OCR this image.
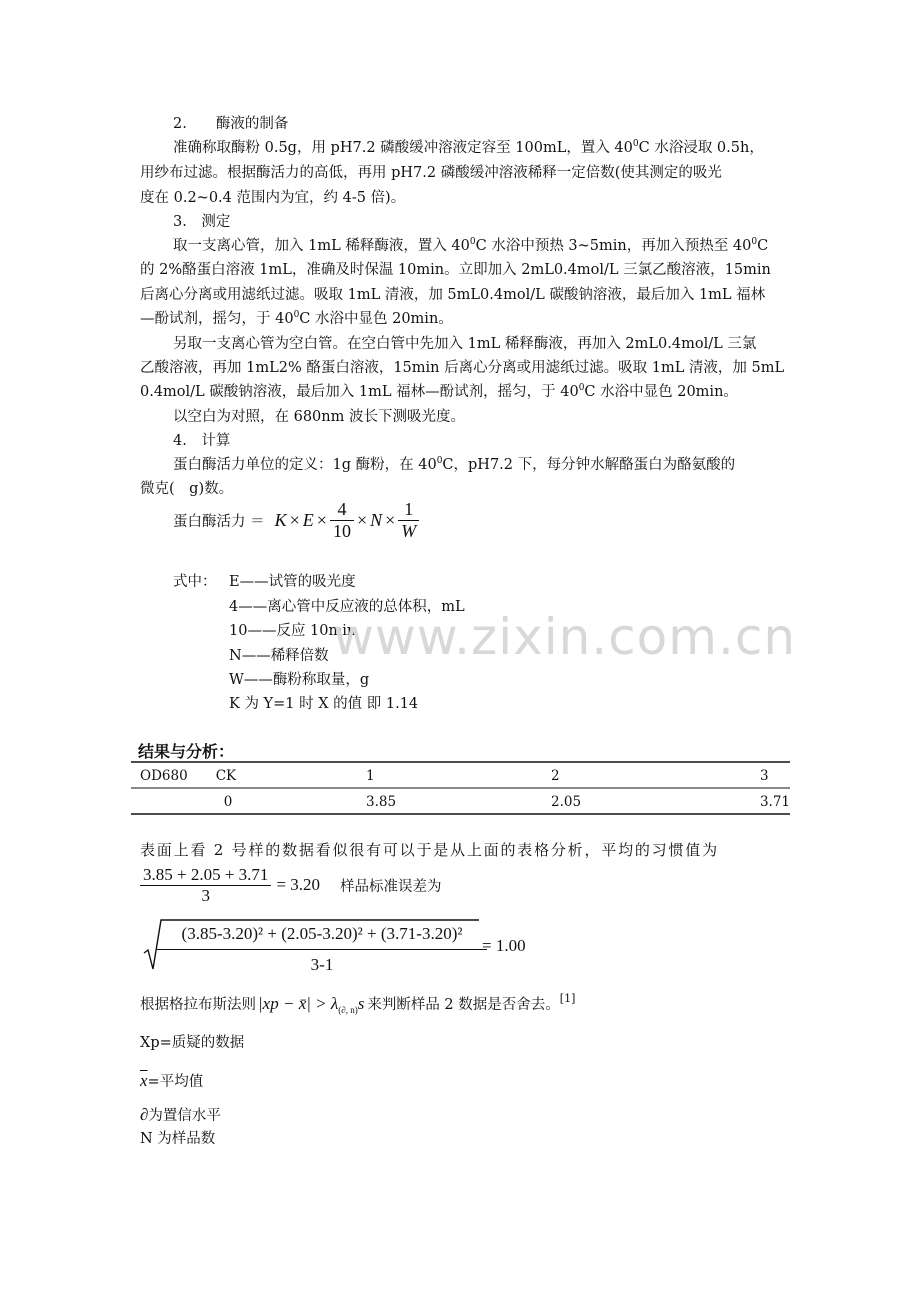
2.　　酶液的制备
准确称取酶粉 0.5g，用 pH7.2 磷酸缓冲溶液定容至 100mL，置入 $40^0C$ 水浴浸取 0.5h，
用纱布过滤。根据酶活力的高低，再用 pH7.2 磷酸缓冲溶液稀释一定倍数(使其测定的吸光
度在 0.2~0.4 范围内为宜，约 4-5 倍)。
3.　测定
取一支离心管，加入 1mL 稀释酶液，置入 $40^0C$ 水浴中预热 3~5min，再加入预热至 $40^0C$
的 2%酪蛋白溶液 1mL，准确及时保温 10min。立即加入 2mL0.4mol/L 三氯乙酸溶液，15min
后离心分离或用滤纸过滤。吸取 1mL 清液，加 5mL0.4mol/L 碳酸钠溶液，最后加入 1mL 福林
—酚试剂，摇匀，于 $40^0C$ 水浴中显色 20min。
另取一支离心管为空白管。在空白管中先加入 1mL 稀释酶液，再加入 2mL0.4mol/L 三氯
乙酸溶液，再加 1mL2% 酪蛋白溶液，15min 后离心分离或用滤纸过滤。吸取 1mL 清液，加 5mL
0.4mol/L 碳酸钠溶液，最后加入 1mL 福林—酚试剂，摇匀，于 $40^0C$ 水浴中显色 20min。
以空白为对照，在 680nm 波长下测吸光度。
4.　计算
蛋白酶活力单位的定义：1g 酶粉，在 $40^0C$，pH7.2 下，每分钟水解酪蛋白为酪氨酸的
微克(　g)数。
蛋白酶活力 ＝ $K \times E \times \frac{4}{10} \times N \times \frac{1}{W}$
式中： E——试管的吸光度
4——离心管中反应液的总体积，mL
10——反应 10min
N——稀释倍数
W——酶粉称取量，g
K 为 Y=1 时 X 的值 即 1.14
www.zixin.com.cn
结果与分析：
OD680	CK	1	2	3
	0	3.85	2.05	3.71
表面上看 2 号样的数据看似很有可以于是从上面的表格分析，平均的习惯值为
$\frac{3.85 + 2.05 + 3.71}{3} = 3.20$ 样品标准误差为
(3.85-3.20)² + (2.05-3.20)² + (3.71-3.20)²
3-1
= 1.00
根据格拉布斯法则 |xp − x̄| > λ (∂, n) s 来判断样品 2 数据是否舍去。 [1]
Xp=质疑的数据
$\overline{x}=$平均值
∂为置信水平
N 为样品数
